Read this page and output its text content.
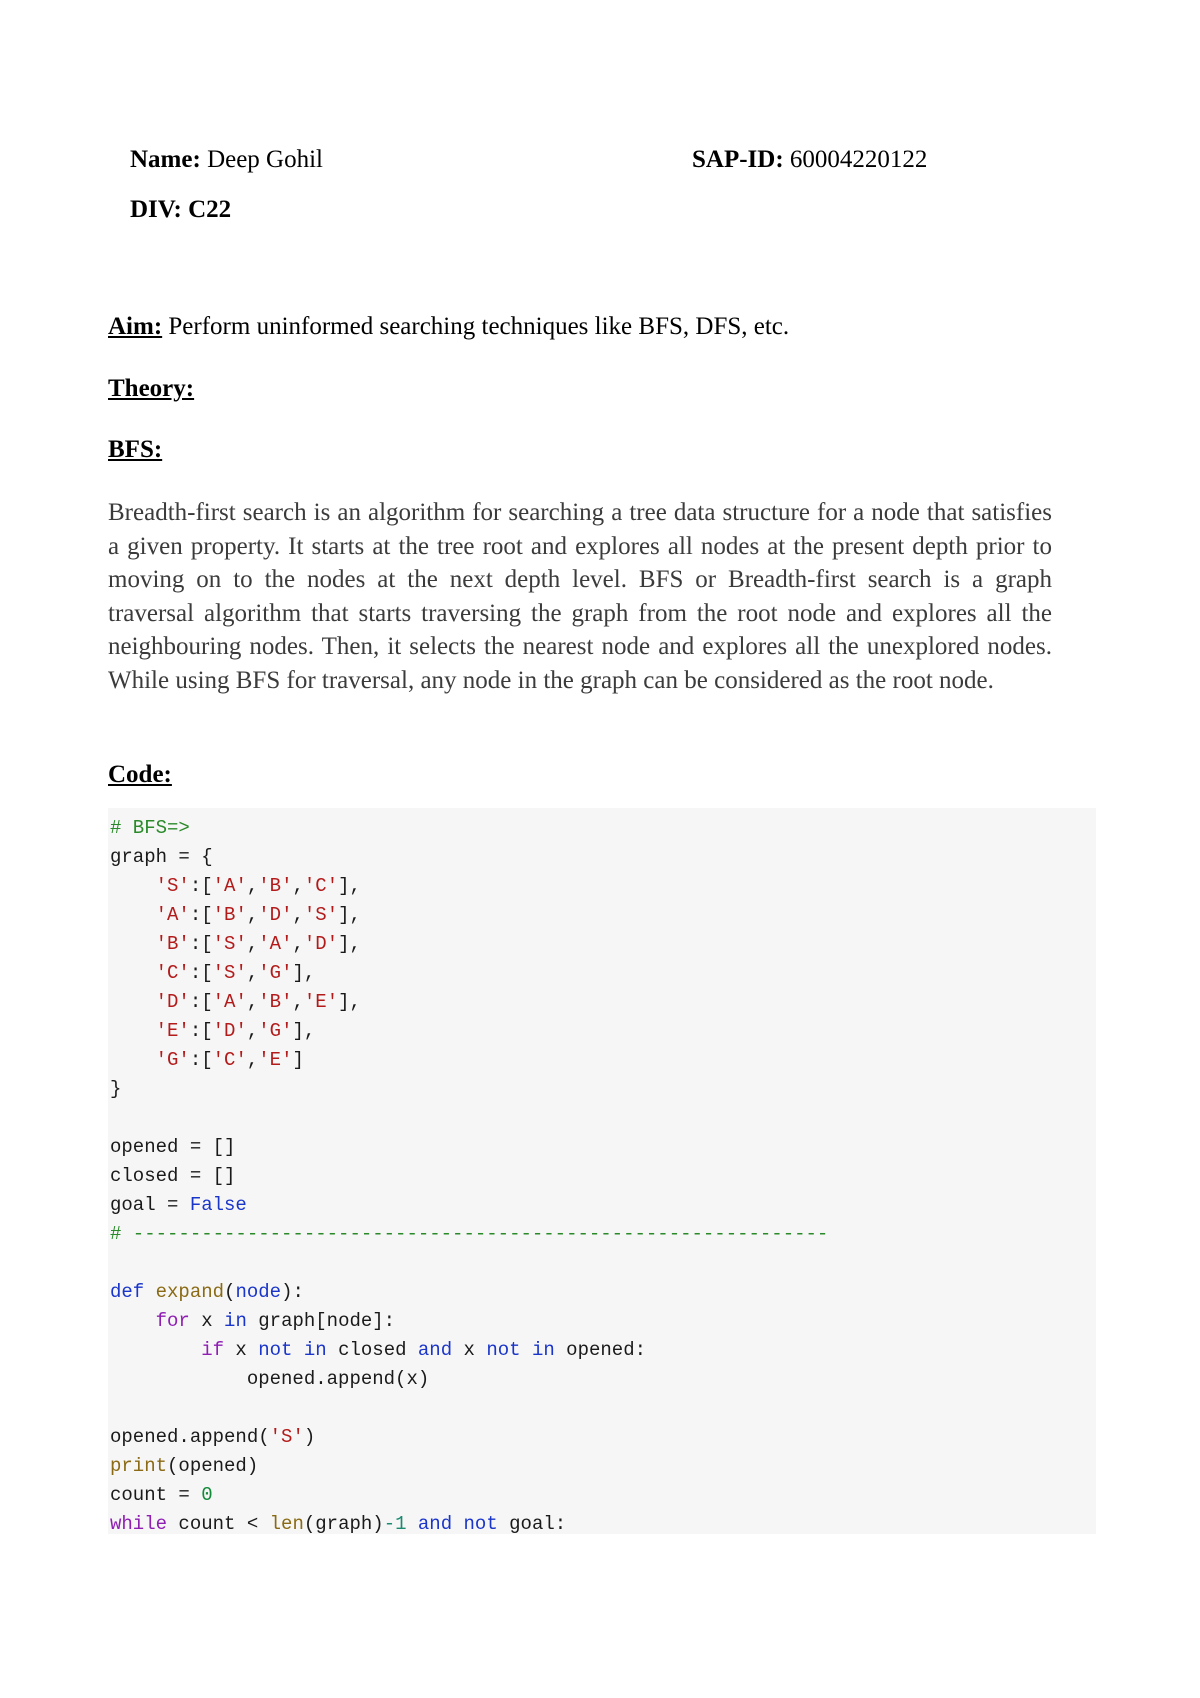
Name: Deep Gohil	SAP-ID: 60004220122
DIV: C22
Aim: Perform uninformed searching techniques like BFS, DFS, etc.
Theory:
BFS:

Breadth-first search is an algorithm for searching a tree data structure for a node that satisfies a given property. It starts at the tree root and explores all nodes at the present depth prior to moving on to the nodes at the next depth level. BFS or Breadth-first search is a graph traversal algorithm that starts traversing the graph from the root node and explores all the neighbouring nodes. Then, it selects the nearest node and explores all the unexplored nodes. While using BFS for traversal, any node in the graph can be considered as the root node.

Code:
# BFS=>
graph = {
'S':['A','B','C'],
'A':['B','D','S'],
'B':['S','A','D'],
'C':['S','G'],
'D':['A','B','E'],
'E':['D','G'],
'G':['C','E']
}
opened = []
closed = []
goal = False
# -------------------------------------------------------------
def expand(node):
for x in graph[node]:
if x not in closed and x not in opened:
opened.append(x)
opened.append('S')
print(opened)
count = 0
while count < len(graph)-1 and not goal:
